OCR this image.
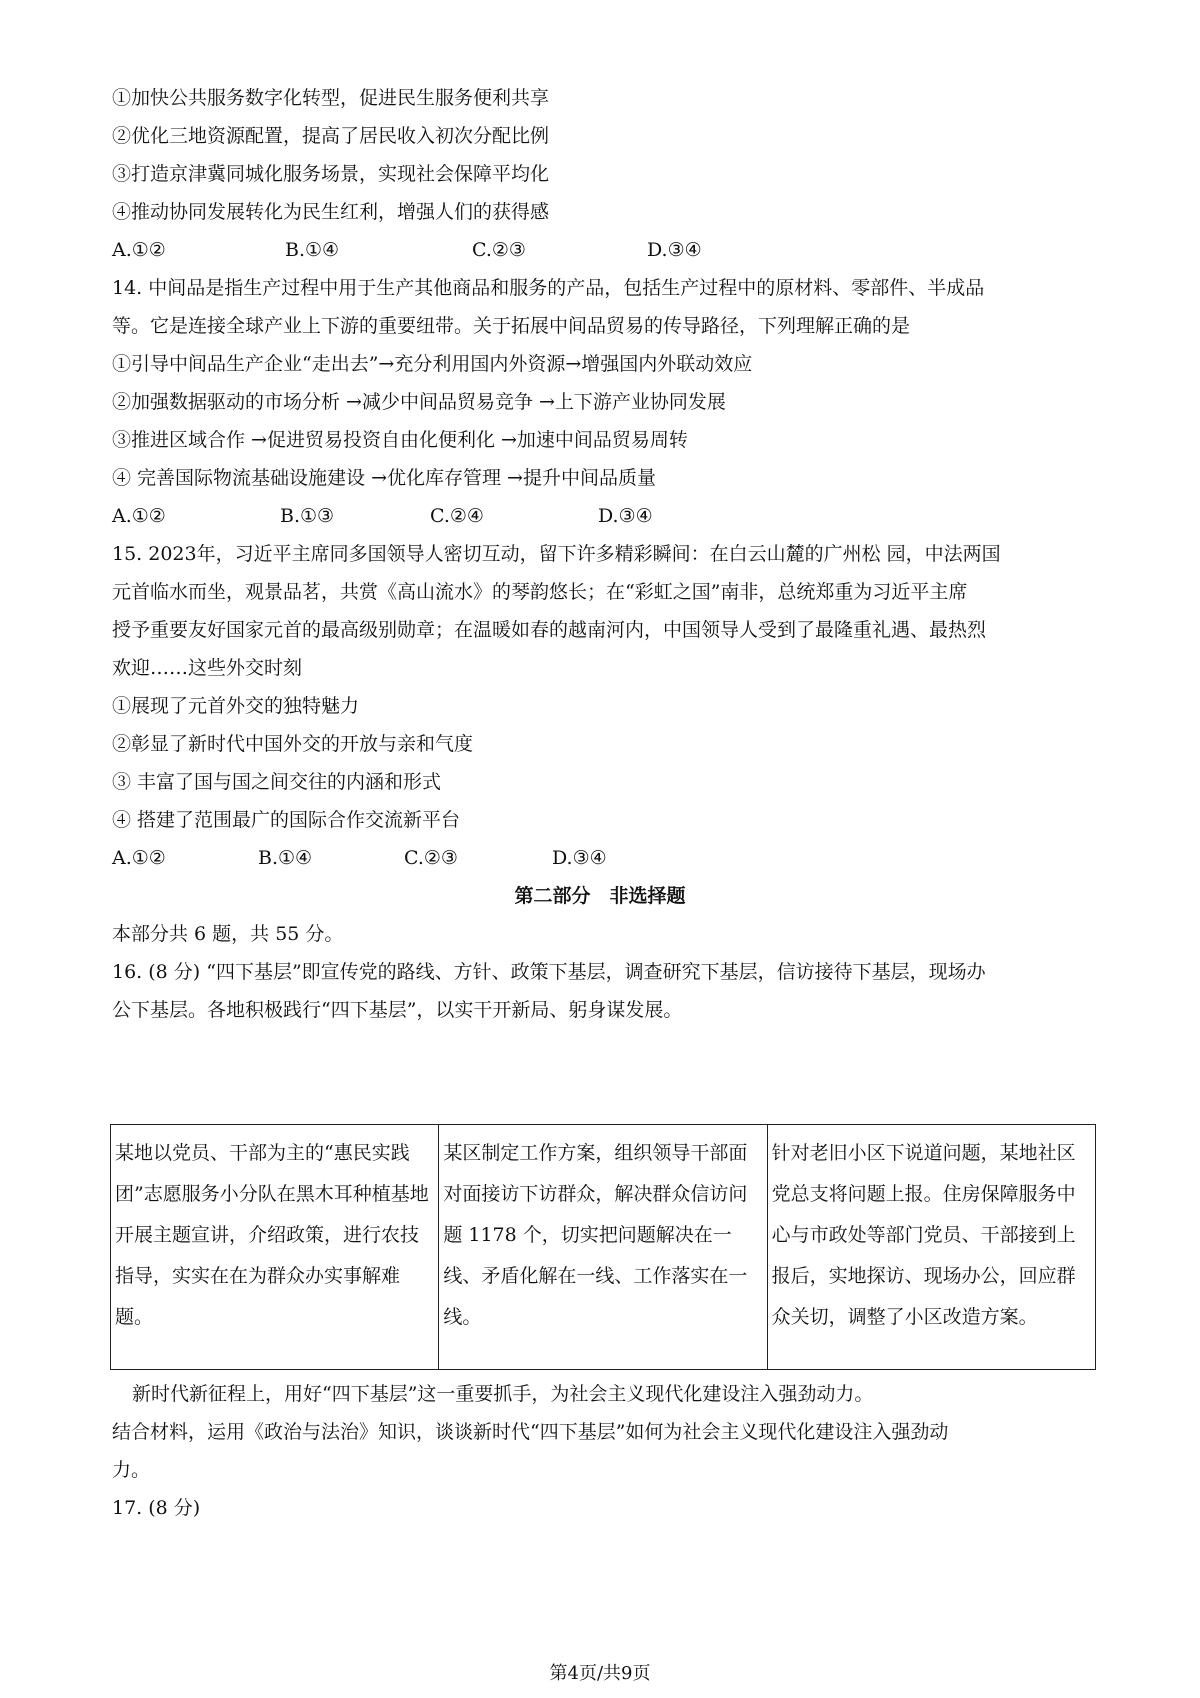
①加快公共服务数字化转型，促进民生服务便利共享
②优化三地资源配置，提高了居民收入初次分配比例
③打造京津冀同城化服务场景，实现社会保障平均化
④推动协同发展转化为民生红利，增强人们的获得感
A.①②	B.①④	C.②③	D.③④
14. 中间品是指生产过程中用于生产其他商品和服务的产品，包括生产过程中的原材料、零部件、半成品
等。它是连接全球产业上下游的重要纽带。关于拓展中间品贸易的传导路径，下列理解正确的是
①引导中间品生产企业“走出去”→充分利用国内外资源→增强国内外联动效应
②加强数据驱动的市场分析 →减少中间品贸易竞争 →上下游产业协同发展
③推进区域合作 →促进贸易投资自由化便利化 →加速中间品贸易周转
④ 完善国际物流基础设施建设 →优化库存管理 →提升中间品质量
A.①②	B.①③	C.②④	D.③④
15. 2023年，习近平主席同多国领导人密切互动，留下许多精彩瞬间：在白云山麓的广州松 园，中法两国
元首临水而坐，观景品茗，共赏《高山流水》的琴韵悠长；在“彩虹之国”南非，总统郑重为习近平主席
授予重要友好国家元首的最高级别勋章；在温暖如春的越南河内，中国领导人受到了最隆重礼遇、最热烈
欢迎……这些外交时刻
①展现了元首外交的独特魅力
②彰显了新时代中国外交的开放与亲和气度
③ 丰富了国与国之间交往的内涵和形式
④ 搭建了范围最广的国际合作交流新平台
A.①②	B.①④	C.②③	D.③④
第二部分　非选择题
本部分共 6 题，共 55 分。
16. (8 分) “四下基层”即宣传党的路线、方针、政策下基层，调查研究下基层，信访接待下基层，现场办
公下基层。各地积极践行“四下基层”，以实干开新局、躬身谋发展。
某地以党员、干部为主的“惠民实践团”志愿服务小分队在黑木耳种植基地开展主题宣讲，介绍政策，进行农技指导，实实在在为群众办实事解难题。	某区制定工作方案，组织领导干部面对面接访下访群众，解决群众信访问题 1178 个，切实把问题解决在一线、矛盾化解在一线、工作落实在一线。	针对老旧小区下说道问题，某地社区党总支将问题上报。住房保障服务中心与市政处等部门党员、干部接到上报后，实地探访、现场办公，回应群众关切，调整了小区改造方案。
新时代新征程上，用好“四下基层”这一重要抓手，为社会主义现代化建设注入强劲动力。
结合材料，运用《政治与法治》知识，谈谈新时代“四下基层”如何为社会主义现代化建设注入强劲动
力。
17. (8 分)
第4页/共9页
